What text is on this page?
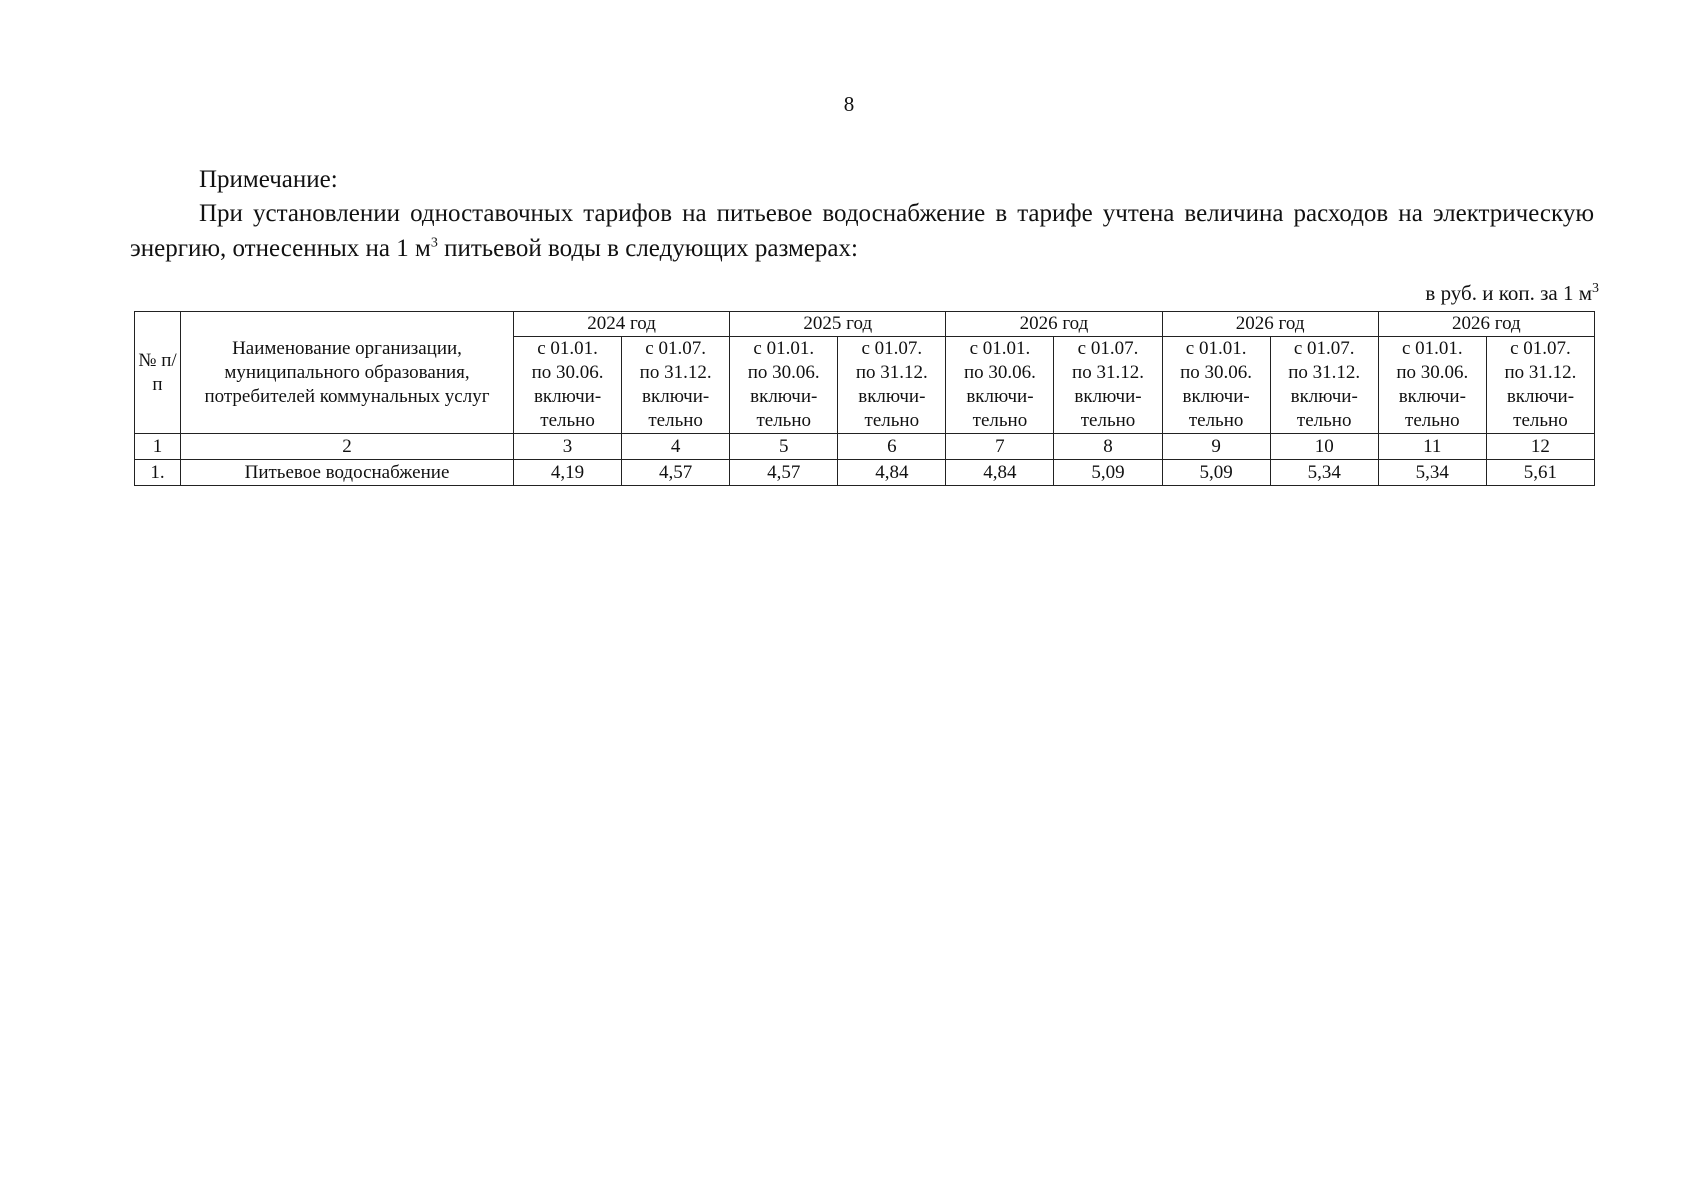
8
Примечание:
При установлении одноставочных тарифов на питьевое водоснабжение в тарифе учтена величина расходов на электрическую энергию, отнесенных на 1 $м^3$ питьевой воды в следующих размерах:
в руб. и коп. за 1 $м^3$
№ п/п	Наименование организации, муниципального образования, потребителей коммунальных услуг	2024 год		2025 год		2026 год		2026 год		2026 год	

		с 01.01.
по 30.06.
включи-
тельно	с 01.07.
по 31.12.
включи-
тельно	с 01.01.
по 30.06.
включи-
тельно	с 01.07.
по 31.12.
включи-
тельно	с 01.01.
по 30.06.
включи-
тельно	с 01.07.
по 31.12.
включи-
тельно	с 01.01.
по 30.06.
включи-
тельно	с 01.07.
по 31.12.
включи-
тельно	с 01.01.
по 30.06.
включи-
тельно	с 01.07.
по 31.12.
включи-
тельно

1	2	3	4	5	6	7	8	9	10	11	12
1.	Питьевое водоснабжение	4,19	4,57	4,57	4,84	4,84	5,09	5,09	5,34	5,34	5,61
